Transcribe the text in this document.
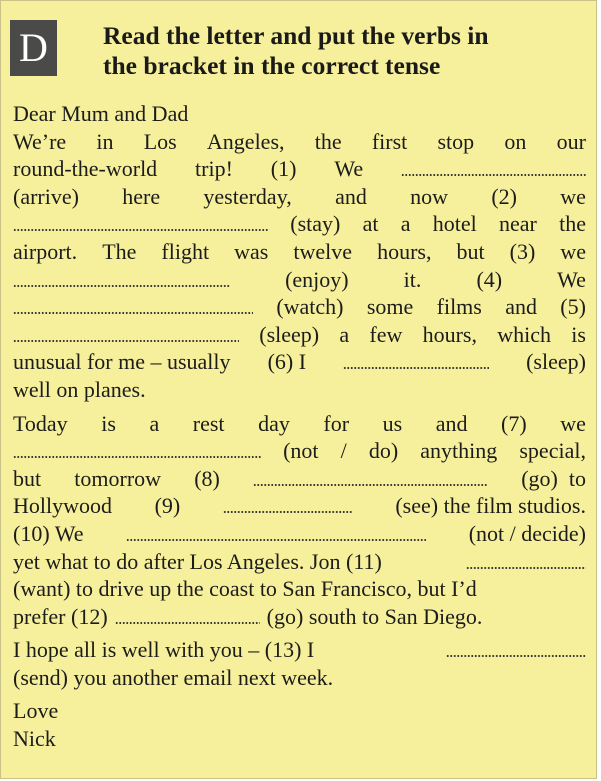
D	Read the letter and put the verbs in
the bracket in the correct tense
Dear Mum and Dad
We’re in Los Angeles, the first stop on our
round-the-world trip! (1) We
(arrive) here yesterday, and now (2) we
(stay) at a hotel near the
airport. The flight was twelve hours, but (3) we
(enjoy)	it.	(4)	We
(watch) some films and (5)
(sleep) a few hours, which is
unusual for me – usually (6) I	(sleep)
well on planes.
Today is a rest day for us and (7) we
(not / do) anything special,
but tomorrow (8)	(go)  to
Hollywood (9)	(see) the film studios.
(10) We	(not / decide)
yet what to do after Los Angeles. Jon (11)
(want) to drive up the coast to San Francisco, but I’d
prefer (12)	(go) south to San Diego.
I hope all is well with you – (13) I
(send) you another email next week.
Love
Nick
